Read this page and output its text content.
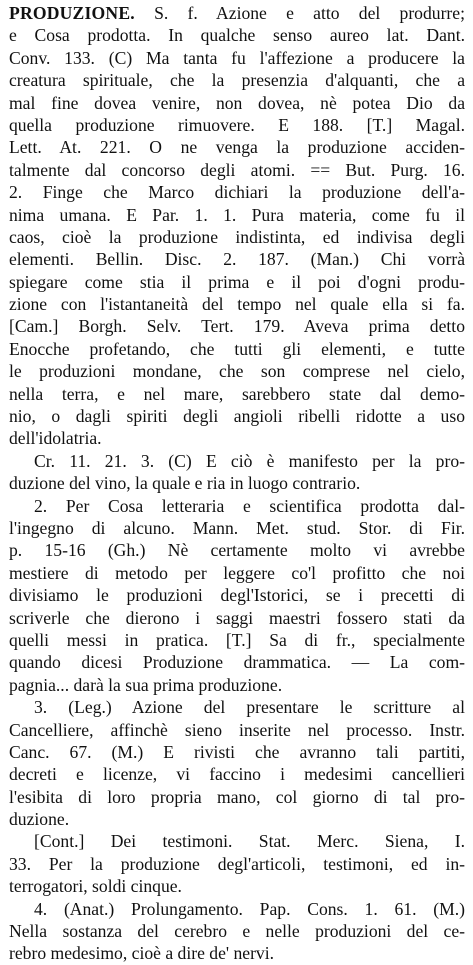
PRODUZIONE. S. f. Azione e atto del produrre;
e Cosa prodotta. In qualche senso aureo lat. Dant.
Conv. 133. (C) Ma tanta fu l'affezione a producere la
creatura spirituale, che la presenzia d'alquanti, che a
mal fine dovea venire, non dovea, nè potea Dio da
quella produzione rimuovere. E 188. [T.] Magal.
Lett. At. 221. O ne venga la produzione acciden-
talmente dal concorso degli atomi. == But. Purg. 16.
2. Finge che Marco dichiari la produzione dell'a-
nima umana. E Par. 1. 1. Pura materia, come fu il
caos, cioè la produzione indistinta, ed indivisa degli
elementi. Bellin. Disc. 2. 187. (Man.) Chi vorrà
spiegare come stia il prima e il poi d'ogni produ-
zione con l'istantaneità del tempo nel quale ella si fa.
[Cam.] Borgh. Selv. Tert. 179. Aveva prima detto
Enocche profetando, che tutti gli elementi, e tutte
le produzioni mondane, che son comprese nel cielo,
nella terra, e nel mare, sarebbero state dal demo-
nio, o dagli spiriti degli angioli ribelli ridotte a uso
dell'idolatria.
Cr. 11. 21. 3. (C) E ciò è manifesto per la pro-
duzione del vino, la quale e ria in luogo contrario.
2. Per Cosa letteraria e scientifica prodotta dal-
l'ingegno di alcuno. Mann. Met. stud. Stor. di Fir.
p. 15-16 (Gh.) Nè certamente molto vi avrebbe
mestiere di metodo per leggere co'l profitto che noi
divisiamo le produzioni degl'Istorici, se i precetti di
scriverle che dierono i saggi maestri fossero stati da
quelli messi in pratica. [T.] Sa di fr., specialmente
quando dicesi Produzione drammatica. — La com-
pagnia... darà la sua prima produzione.
3. (Leg.) Azione del presentare le scritture al
Cancelliere, affinchè sieno inserite nel processo. Instr.
Canc. 67. (M.) E rivisti che avranno tali partiti,
decreti e licenze, vi faccino i medesimi cancellieri
l'esibita di loro propria mano, col giorno di tal pro-
duzione.
[Cont.] Dei testimoni. Stat. Merc. Siena, I.
33. Per la produzione degl'articoli, testimoni, ed in-
terrogatori, soldi cinque.
4. (Anat.) Prolungamento. Pap. Cons. 1. 61. (M.)
Nella sostanza del cerebro e nelle produzioni del ce-
rebro medesimo, cioè a dire de' nervi.
